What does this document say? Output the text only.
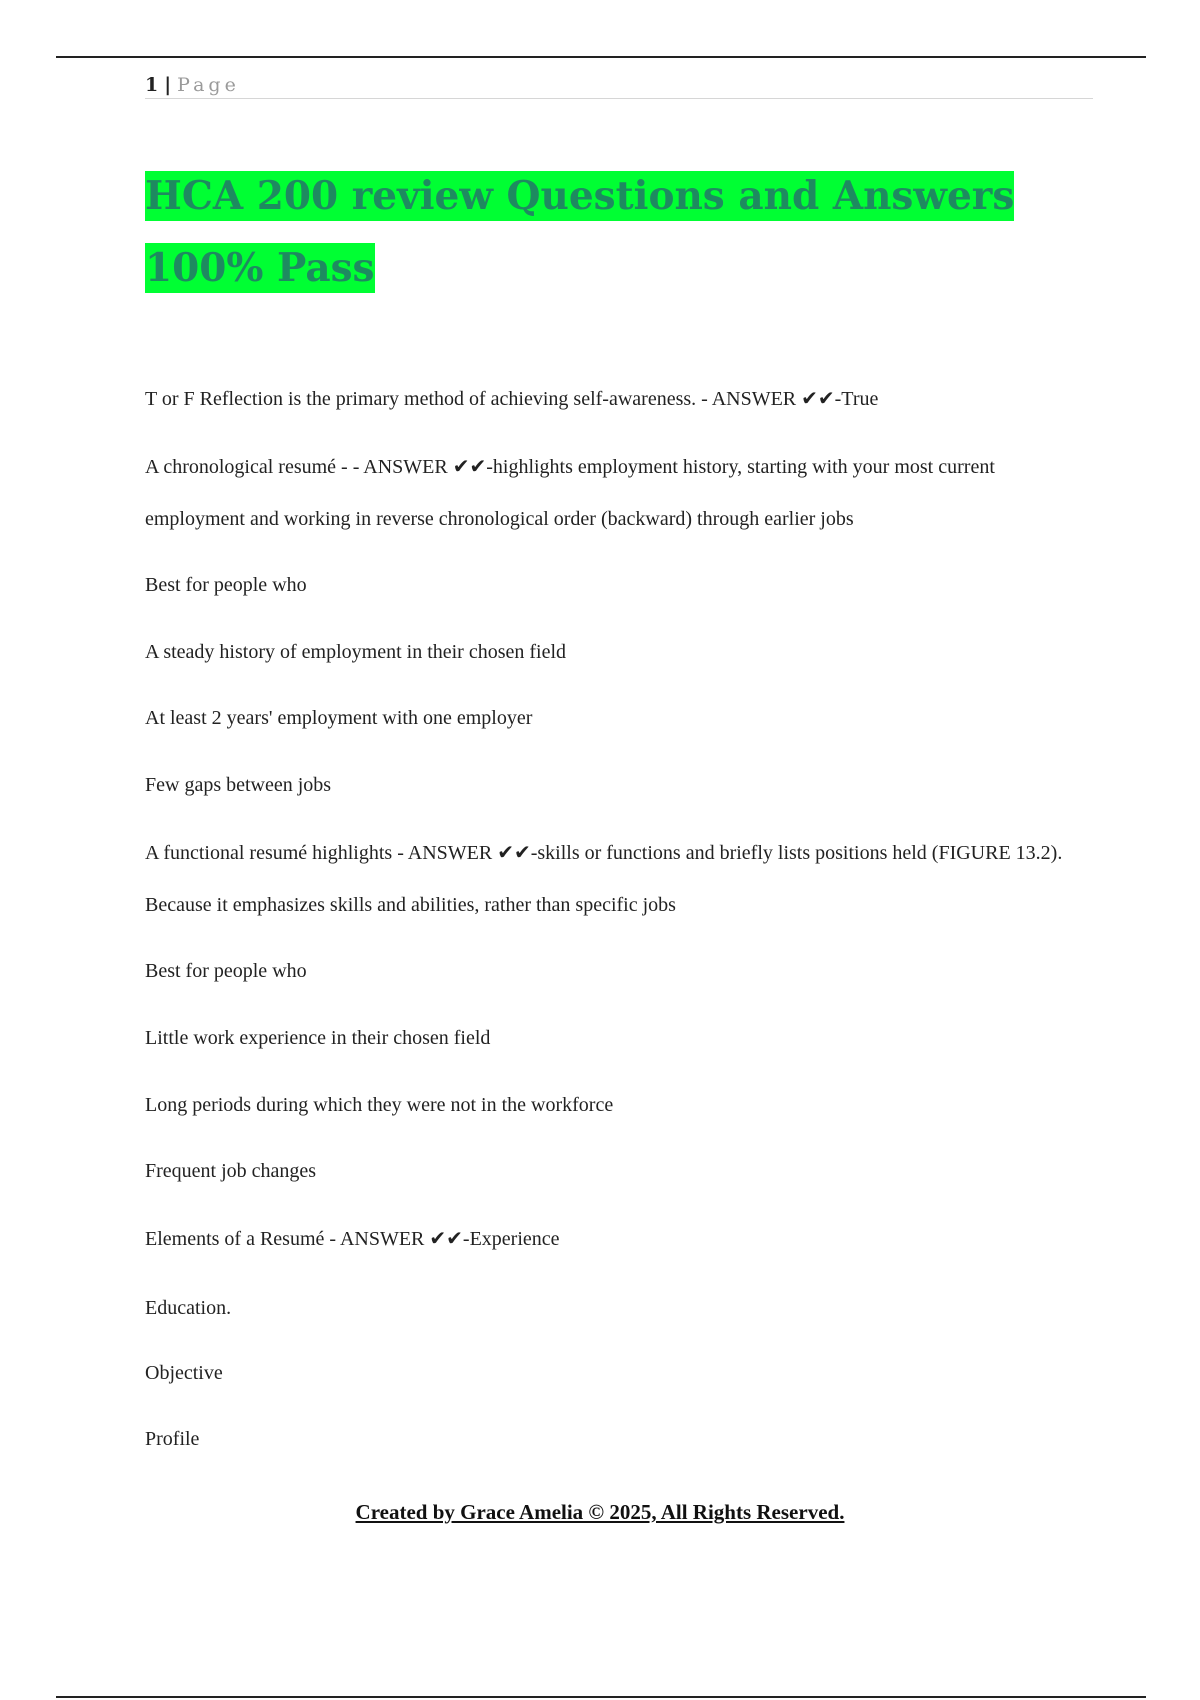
1 | Page
HCA 200 review Questions and Answers 100% Pass

T or F Reflection is the primary method of achieving self-awareness. - ANSWER ✔✔-True

A chronological resumé - - ANSWER ✔✔-highlights employment history, starting with your most current employment and working in reverse chronological order (backward) through earlier jobs

Best for people who

A steady history of employment in their chosen field

At least 2 years' employment with one employer

Few gaps between jobs

A functional resumé highlights - ANSWER ✔✔-skills or functions and briefly lists positions held (FIGURE 13.2). Because it emphasizes skills and abilities, rather than specific jobs

Best for people who

Little work experience in their chosen field

Long periods during which they were not in the workforce

Frequent job changes

Elements of a Resumé - ANSWER ✔✔-Experience

Education.

Objective

Profile

Created by Grace Amelia © 2025, All Rights Reserved.
